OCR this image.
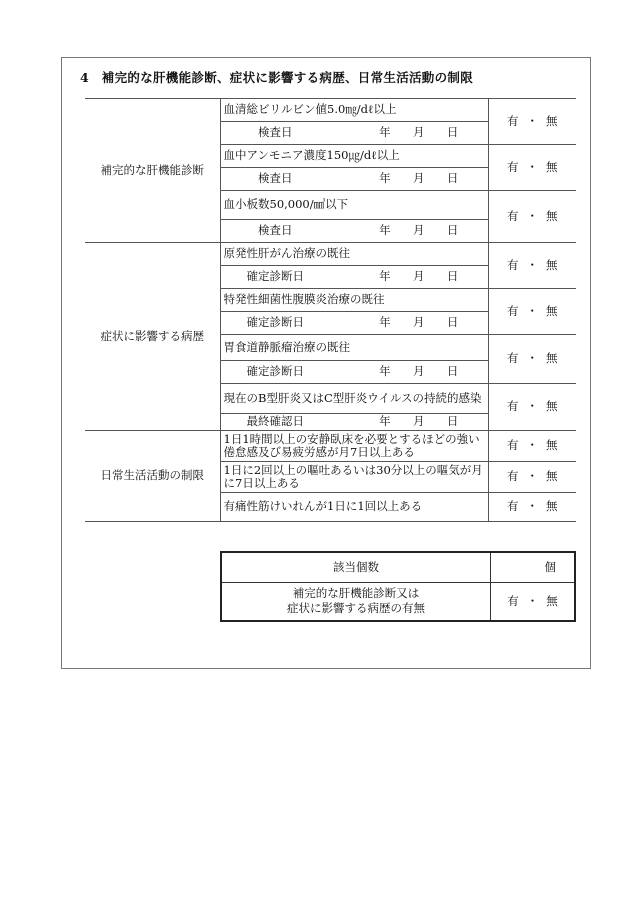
4　補完的な肝機能診断、症状に影響する病歴、日常生活活動の制限
補完的な肝機能診断	血清総ビリルビン値5.0㎎/dℓ以上		有 ・ 無
	検査日	年 月 日	

	血中アンモニア濃度150㎍/dℓ以上		有 ・ 無
	検査日	年 月 日	

	血小板数50,000/㎣以下		有 ・ 無
	検査日	年 月 日	

症状に影響する病歴	原発性肝がん治療の既往		有 ・ 無
	確定診断日	年 月 日	

	特発性細菌性腹膜炎治療の既往		有 ・ 無
	確定診断日	年 月 日	

	胃食道静脈瘤治療の既往		有 ・ 無
	確定診断日	年 月 日	

	現在のB型肝炎又はC型肝炎ウイルスの持続的感染		有 ・ 無
	最終確認日	年 月 日	

日常生活活動の制限	1日1時間以上の安静臥床を必要とするほどの強い倦怠感及び易疲労感が月7日以上ある		有 ・ 無
	1日に2回以上の嘔吐あるいは30分以上の嘔気が月に7日以上ある		有 ・ 無
	有痛性筋けいれんが1日に1回以上ある		有 ・ 無
該当個数	個

補完的な肝機能診断又は
症状に影響する病歴の有無	有 ・ 無
